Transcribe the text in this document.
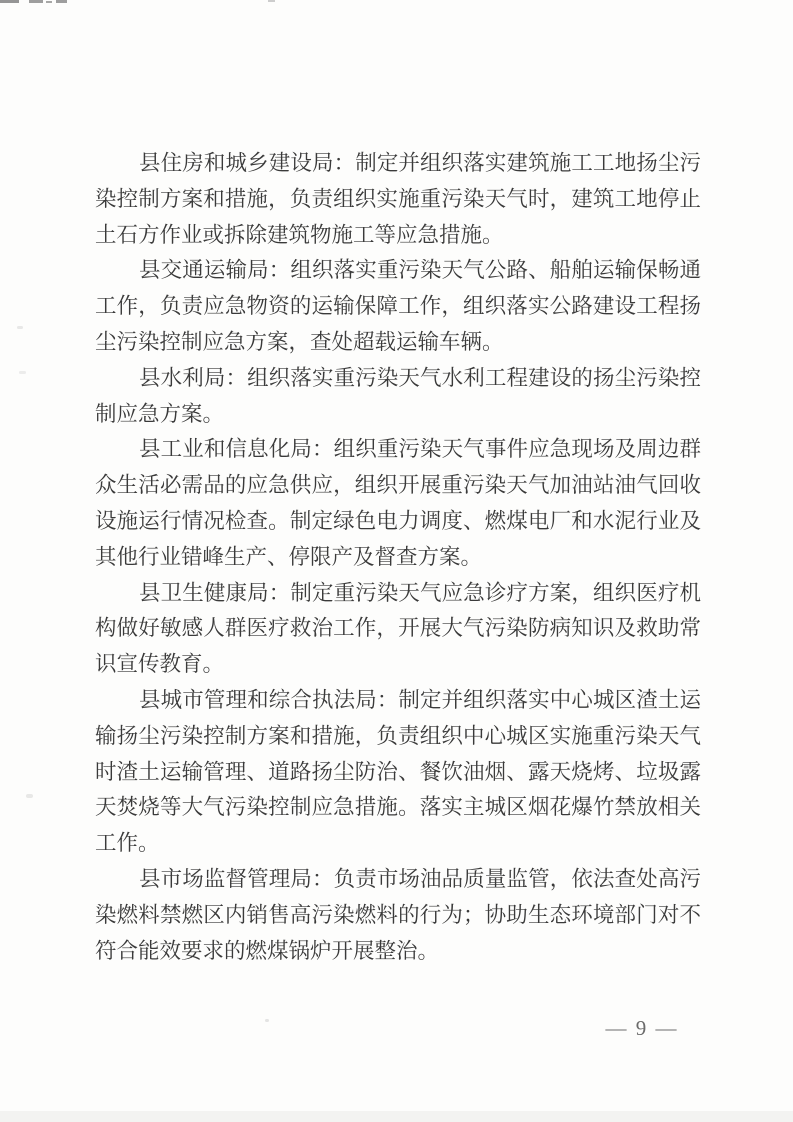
县住房和城乡建设局：制定并组织落实建筑施工工地扬尘污
染控制方案和措施，负责组织实施重污染天气时，建筑工地停止
土石方作业或拆除建筑物施工等应急措施。
县交通运输局：组织落实重污染天气公路、船舶运输保畅通
工作，负责应急物资的运输保障工作，组织落实公路建设工程扬
尘污染控制应急方案，查处超载运输车辆。
县水利局：组织落实重污染天气水利工程建设的扬尘污染控
制应急方案。
县工业和信息化局：组织重污染天气事件应急现场及周边群
众生活必需品的应急供应，组织开展重污染天气加油站油气回收
设施运行情况检查。制定绿色电力调度、燃煤电厂和水泥行业及
其他行业错峰生产、停限产及督查方案。
县卫生健康局：制定重污染天气应急诊疗方案，组织医疗机
构做好敏感人群医疗救治工作，开展大气污染防病知识及救助常
识宣传教育。
县城市管理和综合执法局：制定并组织落实中心城区渣土运
输扬尘污染控制方案和措施，负责组织中心城区实施重污染天气
时渣土运输管理、道路扬尘防治、餐饮油烟、露天烧烤、垃圾露
天焚烧等大气污染控制应急措施。落实主城区烟花爆竹禁放相关
工作。
县市场监督管理局：负责市场油品质量监管，依法查处高污
染燃料禁燃区内销售高污染燃料的行为；协助生态环境部门对不
符合能效要求的燃煤锅炉开展整治。
— 9 —
